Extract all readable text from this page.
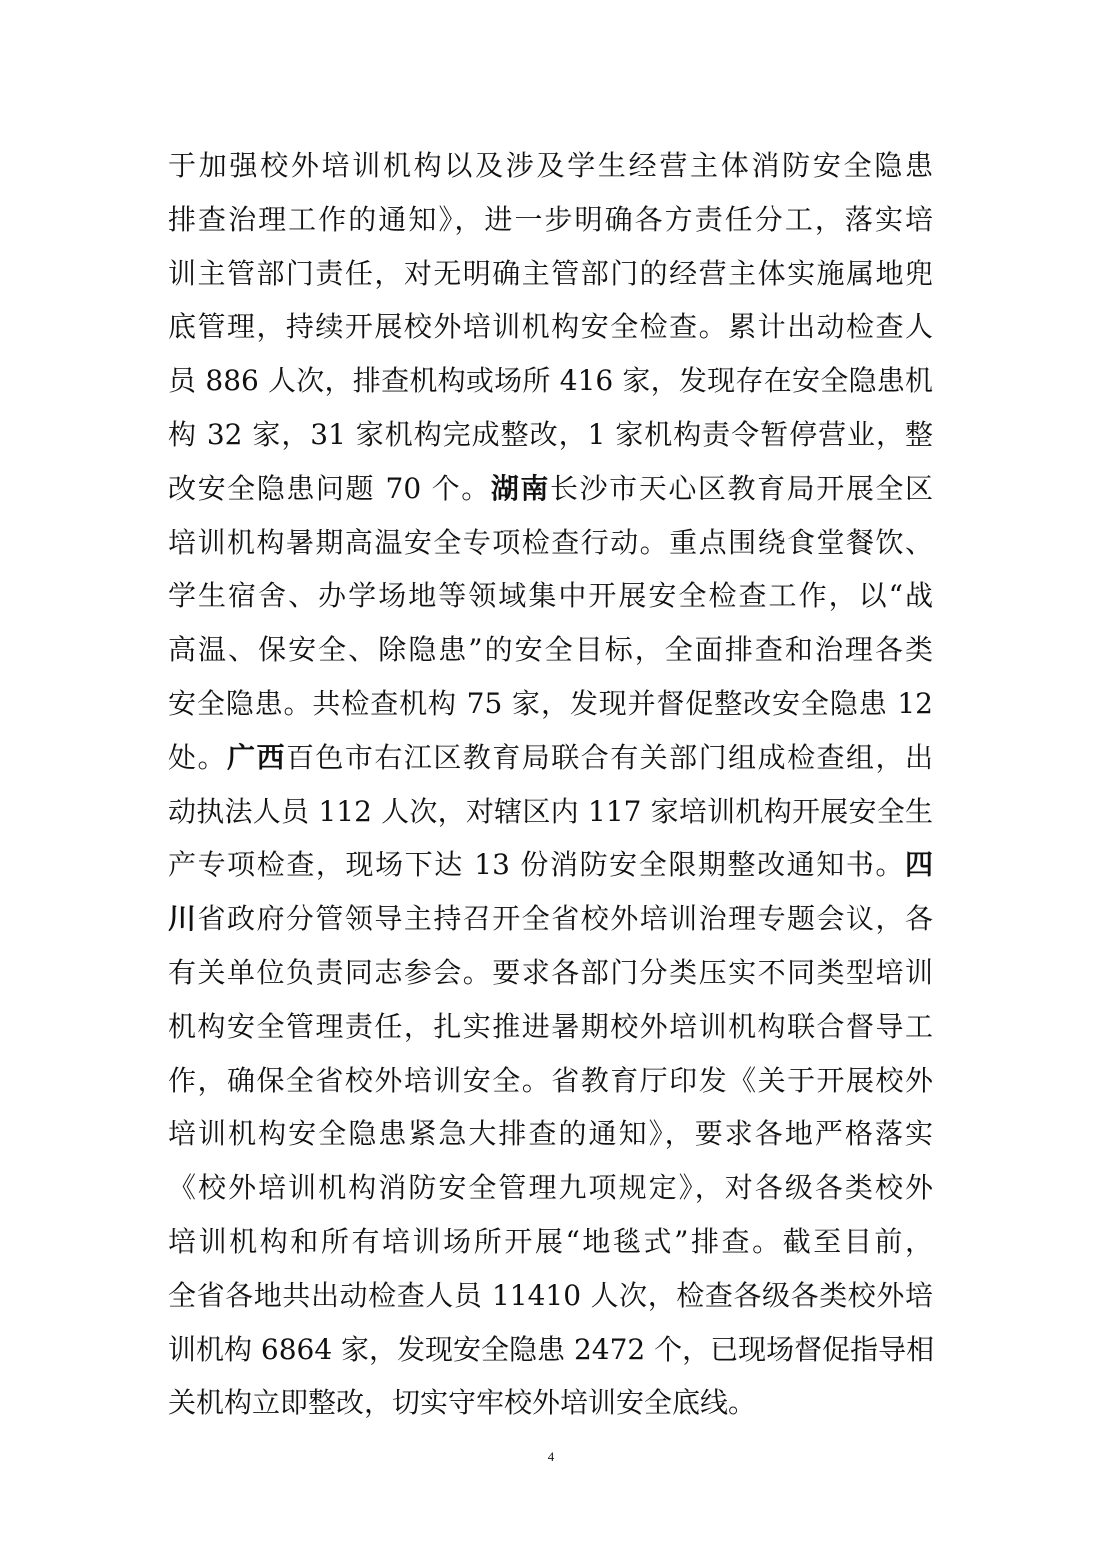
于加强校外培训机构以及涉及学生经营主体消防安全隐患
排查治理工作的通知》，进一步明确各方责任分工，落实培
训主管部门责任，对无明确主管部门的经营主体实施属地兜
底管理，持续开展校外培训机构安全检查。累计出动检查人
员 886 人次，排查机构或场所 416 家，发现存在安全隐患机
构 32 家，31 家机构完成整改，1 家机构责令暂停营业，整
改安全隐患问题 70 个。湖南长沙市天心区教育局开展全区
培训机构暑期高温安全专项检查行动。重点围绕食堂餐饮、
学生宿舍、办学场地等领域集中开展安全检查工作，以“战
高温、保安全、除隐患”的安全目标，全面排查和治理各类
安全隐患。共检查机构 75 家，发现并督促整改安全隐患 12
处。广西百色市右江区教育局联合有关部门组成检查组，出
动执法人员 112 人次，对辖区内 117 家培训机构开展安全生
产专项检查，现场下达 13 份消防安全限期整改通知书。四
川省政府分管领导主持召开全省校外培训治理专题会议，各
有关单位负责同志参会。要求各部门分类压实不同类型培训
机构安全管理责任，扎实推进暑期校外培训机构联合督导工
作，确保全省校外培训安全。省教育厅印发《关于开展校外
培训机构安全隐患紧急大排查的通知》，要求各地严格落实
《校外培训机构消防安全管理九项规定》，对各级各类校外
培训机构和所有培训场所开展“地毯式”排查。截至目前，
全省各地共出动检查人员 11410 人次，检查各级各类校外培
训机构 6864 家，发现安全隐患 2472 个，已现场督促指导相
关机构立即整改，切实守牢校外培训安全底线。
4
